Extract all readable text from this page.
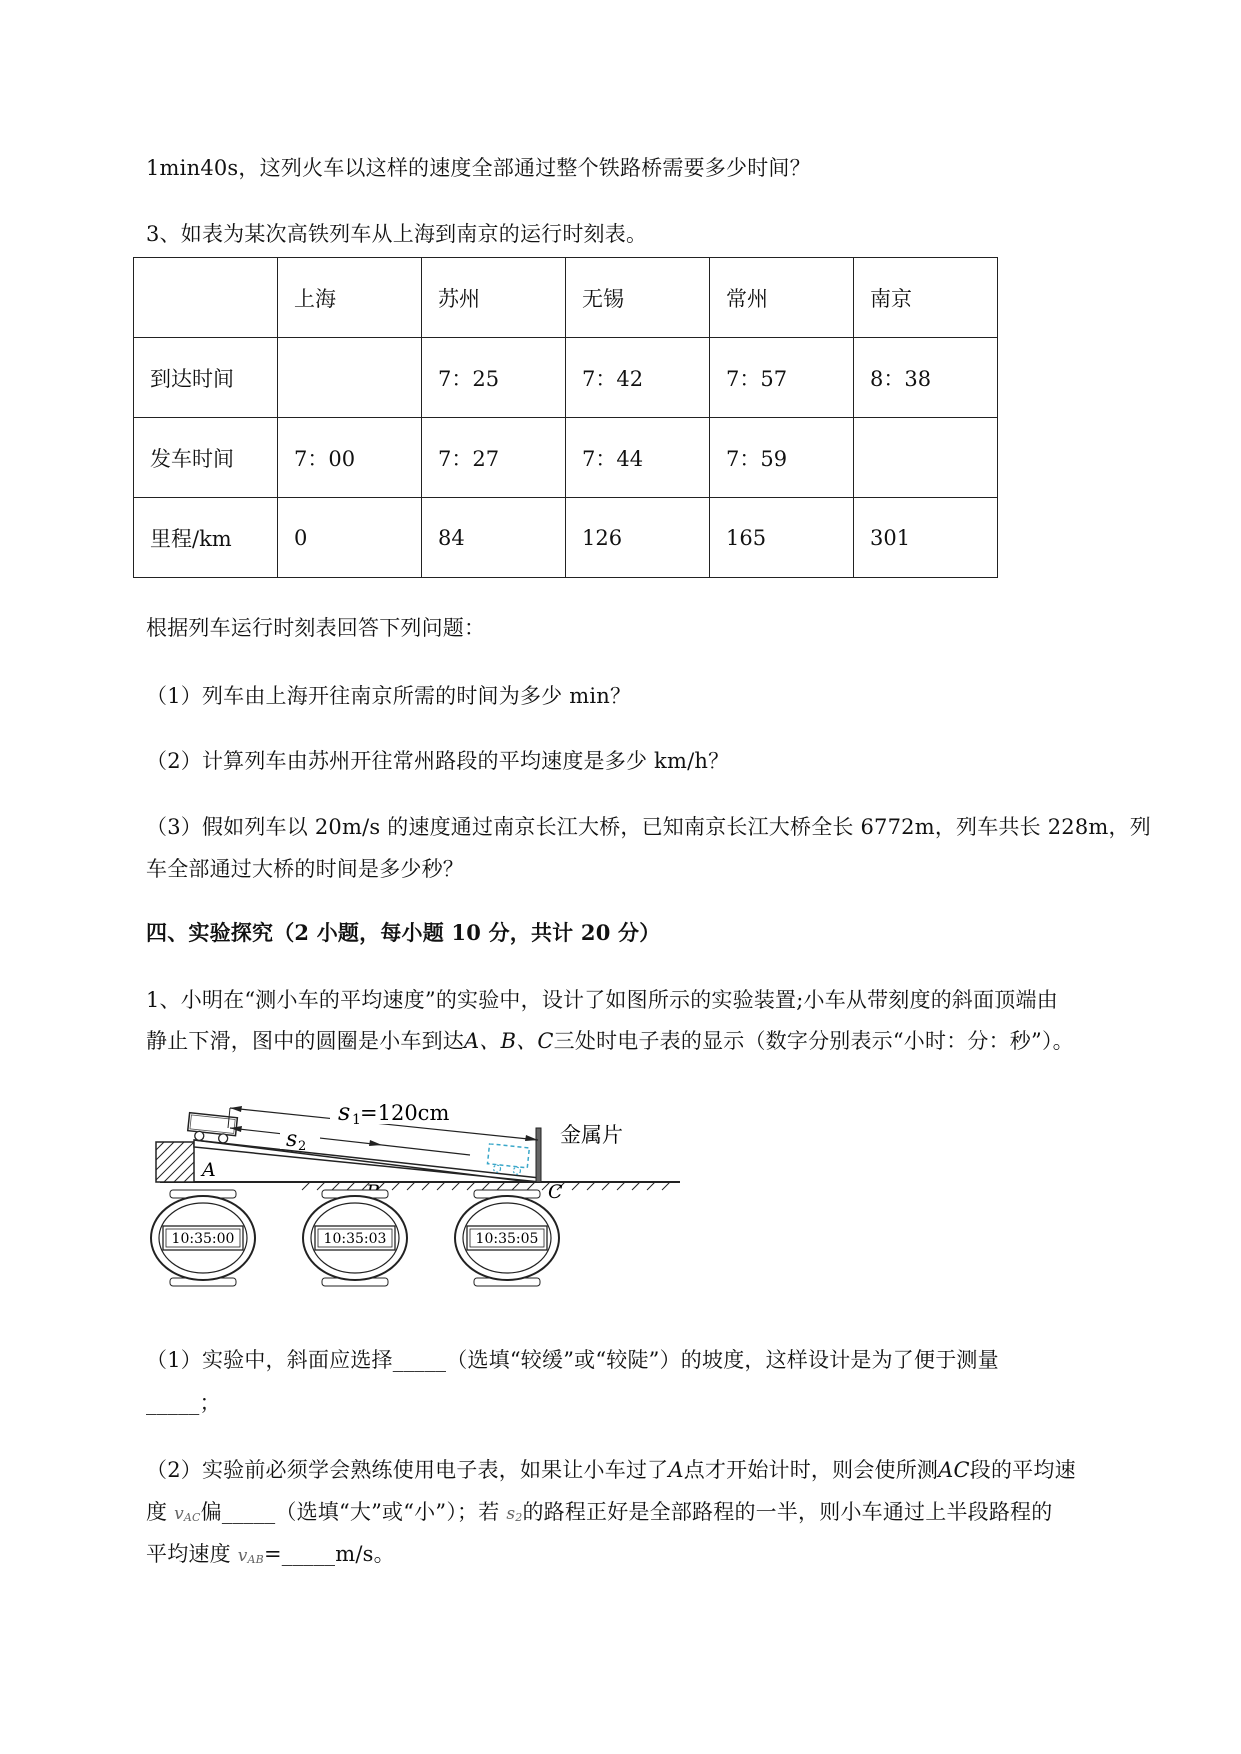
1min40s，这列火车以这样的速度全部通过整个铁路桥需要多少时间？
3、如表为某次高铁列车从上海到南京的运行时刻表。
	上海	苏州	无锡	常州	南京
到达时间		7：25	7：42	7：57	8：38
发车时间	7：00	7：27	7：44	7：59	
里程/km	0	84	126	165	301
根据列车运行时刻表回答下列问题：
（1）列车由上海开往南京所需的时间为多少 min？
（2）计算列车由苏州开往常州路段的平均速度是多少 km/h？
（3）假如列车以 20m/s 的速度通过南京长江大桥，已知南京长江大桥全长 6772m，列车共长 228m，列
车全部通过大桥的时间是多少秒？
四、实验探究（2 小题，每小题 10 分，共计 20 分）
1、小明在“测小车的平均速度”的实验中，设计了如图所示的实验装置;小车从带刻度的斜面顶端由
静止下滑，图中的圆圈是小车到达A、B、C三处时电子表的显示（数字分别表示“小时：分：秒”）。
s 1 =120cm
s 2	金属片
A
C
10:35:00	10:35:03	10:35:05
（1）实验中，斜面应选择_____（选填“较缓”或“较陡”）的坡度，这样设计是为了便于测量
_____；
（2）实验前必须学会熟练使用电子表，如果让小车过了A点才开始计时，则会使所测AC段的平均速
度 vAC偏_____（选填“大”或“小”）；若 s2的路程正好是全部路程的一半，则小车通过上半段路程的
平均速度 vAB=_____m/s。
